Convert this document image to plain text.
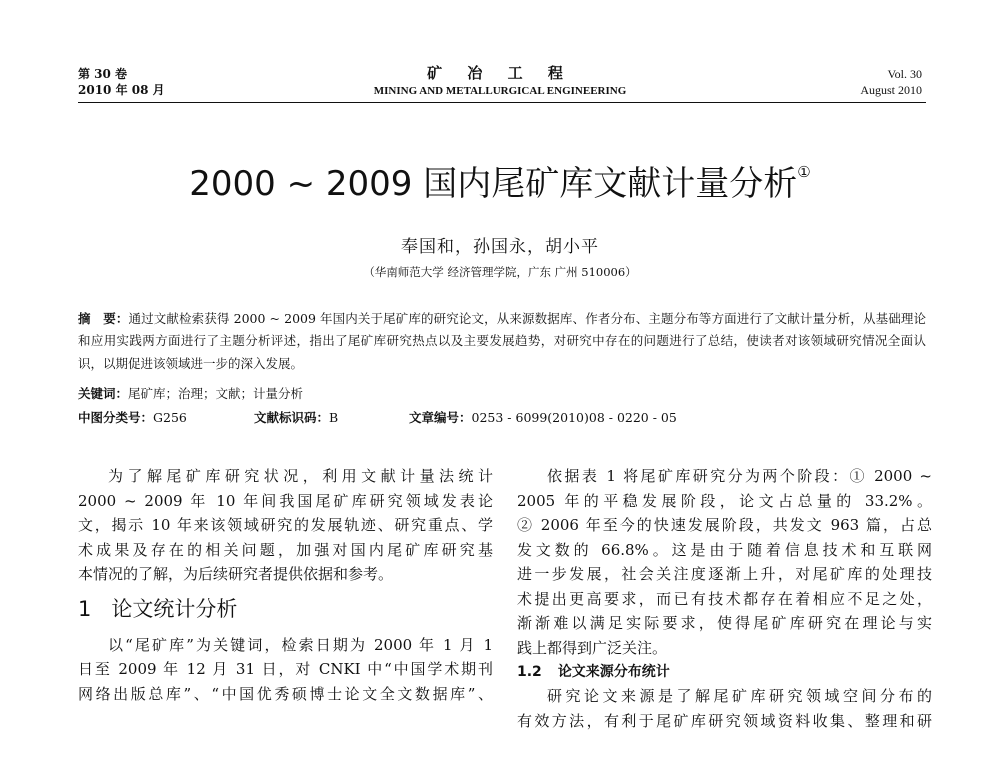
第 30 卷
2010 年 08 月
矿 冶 工 程
MINING AND METALLURGICAL ENGINEERING
Vol. 30
August 2010
2000 ~ 2009 国内尾矿库文献计量分析①
奉国和，孙国永，胡小平
（华南师范大学 经济管理学院，广东 广州 510006）
摘　要：通过文献检索获得 2000 ~ 2009 年国内关于尾矿库的研究论文，从来源数据库、作者分布、主题分布等方面进行了文献计量分析，从基础理论和应用实践两方面进行了主题分析评述，指出了尾矿库研究热点以及主要发展趋势，对研究中存在的问题进行了总结，使读者对该领域研究情况全面认识，以期促进该领域进一步的深入发展。
关键词：尾矿库；治理；文献；计量分析
中图分类号：G256	文献标识码：B	文章编号：0253 - 6099(2010)08 - 0220 - 05

为了解尾矿库研究状况，利用文献计量法统计

2000 ~ 2009 年 10 年间我国尾矿库研究领域发表论

文，揭示 10 年来该领域研究的发展轨迹、研究重点、学

术成果及存在的相关问题，加强对国内尾矿库研究基

本情况的了解，为后续研究者提供依据和参考。

1 论文统计分析

以“尾矿库”为关键词，检索日期为 2000 年 1 月 1

日至 2009 年 12 月 31 日，对 CNKI 中“中国学术期刊

网络出版总库”、“中国优秀硕博士论文全文数据库”、

依据表 1 将尾矿库研究分为两个阶段：① 2000 ~

2005 年的平稳发展阶段，论文占总量的 33.2%。

② 2006 年至今的快速发展阶段，共发文 963 篇，占总

发文数的 66.8%。这是由于随着信息技术和互联网

进一步发展，社会关注度逐渐上升，对尾矿库的处理技

术提出更高要求，而已有技术都存在着相应不足之处，

渐渐难以满足实际要求，使得尾矿库研究在理论与实

践上都得到广泛关注。

1.2 论文来源分布统计

研究论文来源是了解尾矿库研究领域空间分布的

有效方法，有利于尾矿库研究领域资料收集、整理和研
